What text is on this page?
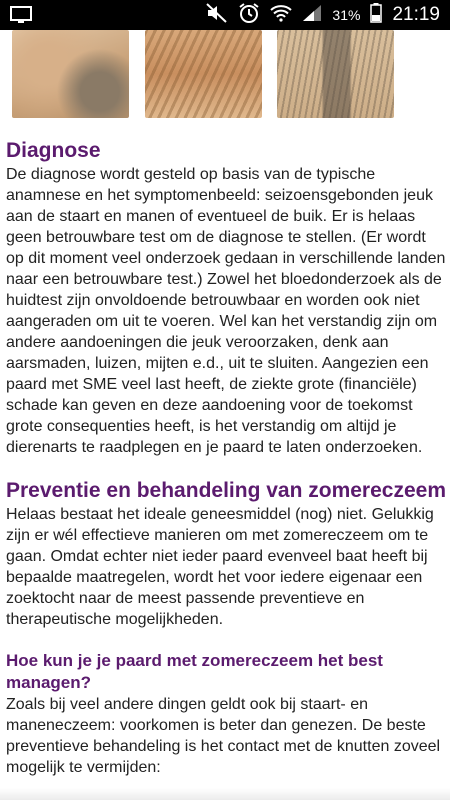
31% 21:19
Diagnose

De diagnose wordt gesteld op basis van de typische anamnese en het symptomenbeeld: seizoensgebonden jeuk aan de staart en manen of eventueel de buik. Er is helaas geen betrouwbare test om de diagnose te stellen. (Er wordt op dit moment veel onderzoek gedaan in verschillende landen naar een betrouwbare test.) Zowel het bloedonderzoek als de huidtest zijn onvoldoende betrouwbaar en worden ook niet aangeraden om uit te voeren. Wel kan het verstandig zijn om andere aandoeningen die jeuk veroorzaken, denk aan aarsmaden, luizen, mijten e.d., uit te sluiten. Aangezien een paard met SME veel last heeft, de ziekte grote (financiële) schade kan geven en deze aandoening voor de toekomst grote consequenties heeft, is het verstandig om altijd je dierenarts te raadplegen en je paard te laten onderzoeken.

Preventie en behandeling van zomereczeem

Helaas bestaat het ideale geneesmiddel (nog) niet. Gelukkig zijn er wél effectieve manieren om met zomereczeem om te gaan. Omdat echter niet ieder paard evenveel baat heeft bij bepaalde maatregelen, wordt het voor iedere eigenaar een zoektocht naar de meest passende preventieve en therapeutische mogelijkheden.

Hoe kun je je paard met zomereczeem het best managen?

Zoals bij veel andere dingen geldt ook bij staart- en maneneczeem: voorkomen is beter dan genezen. De beste preventieve behandeling is het contact met de knutten zoveel mogelijk te vermijden:
